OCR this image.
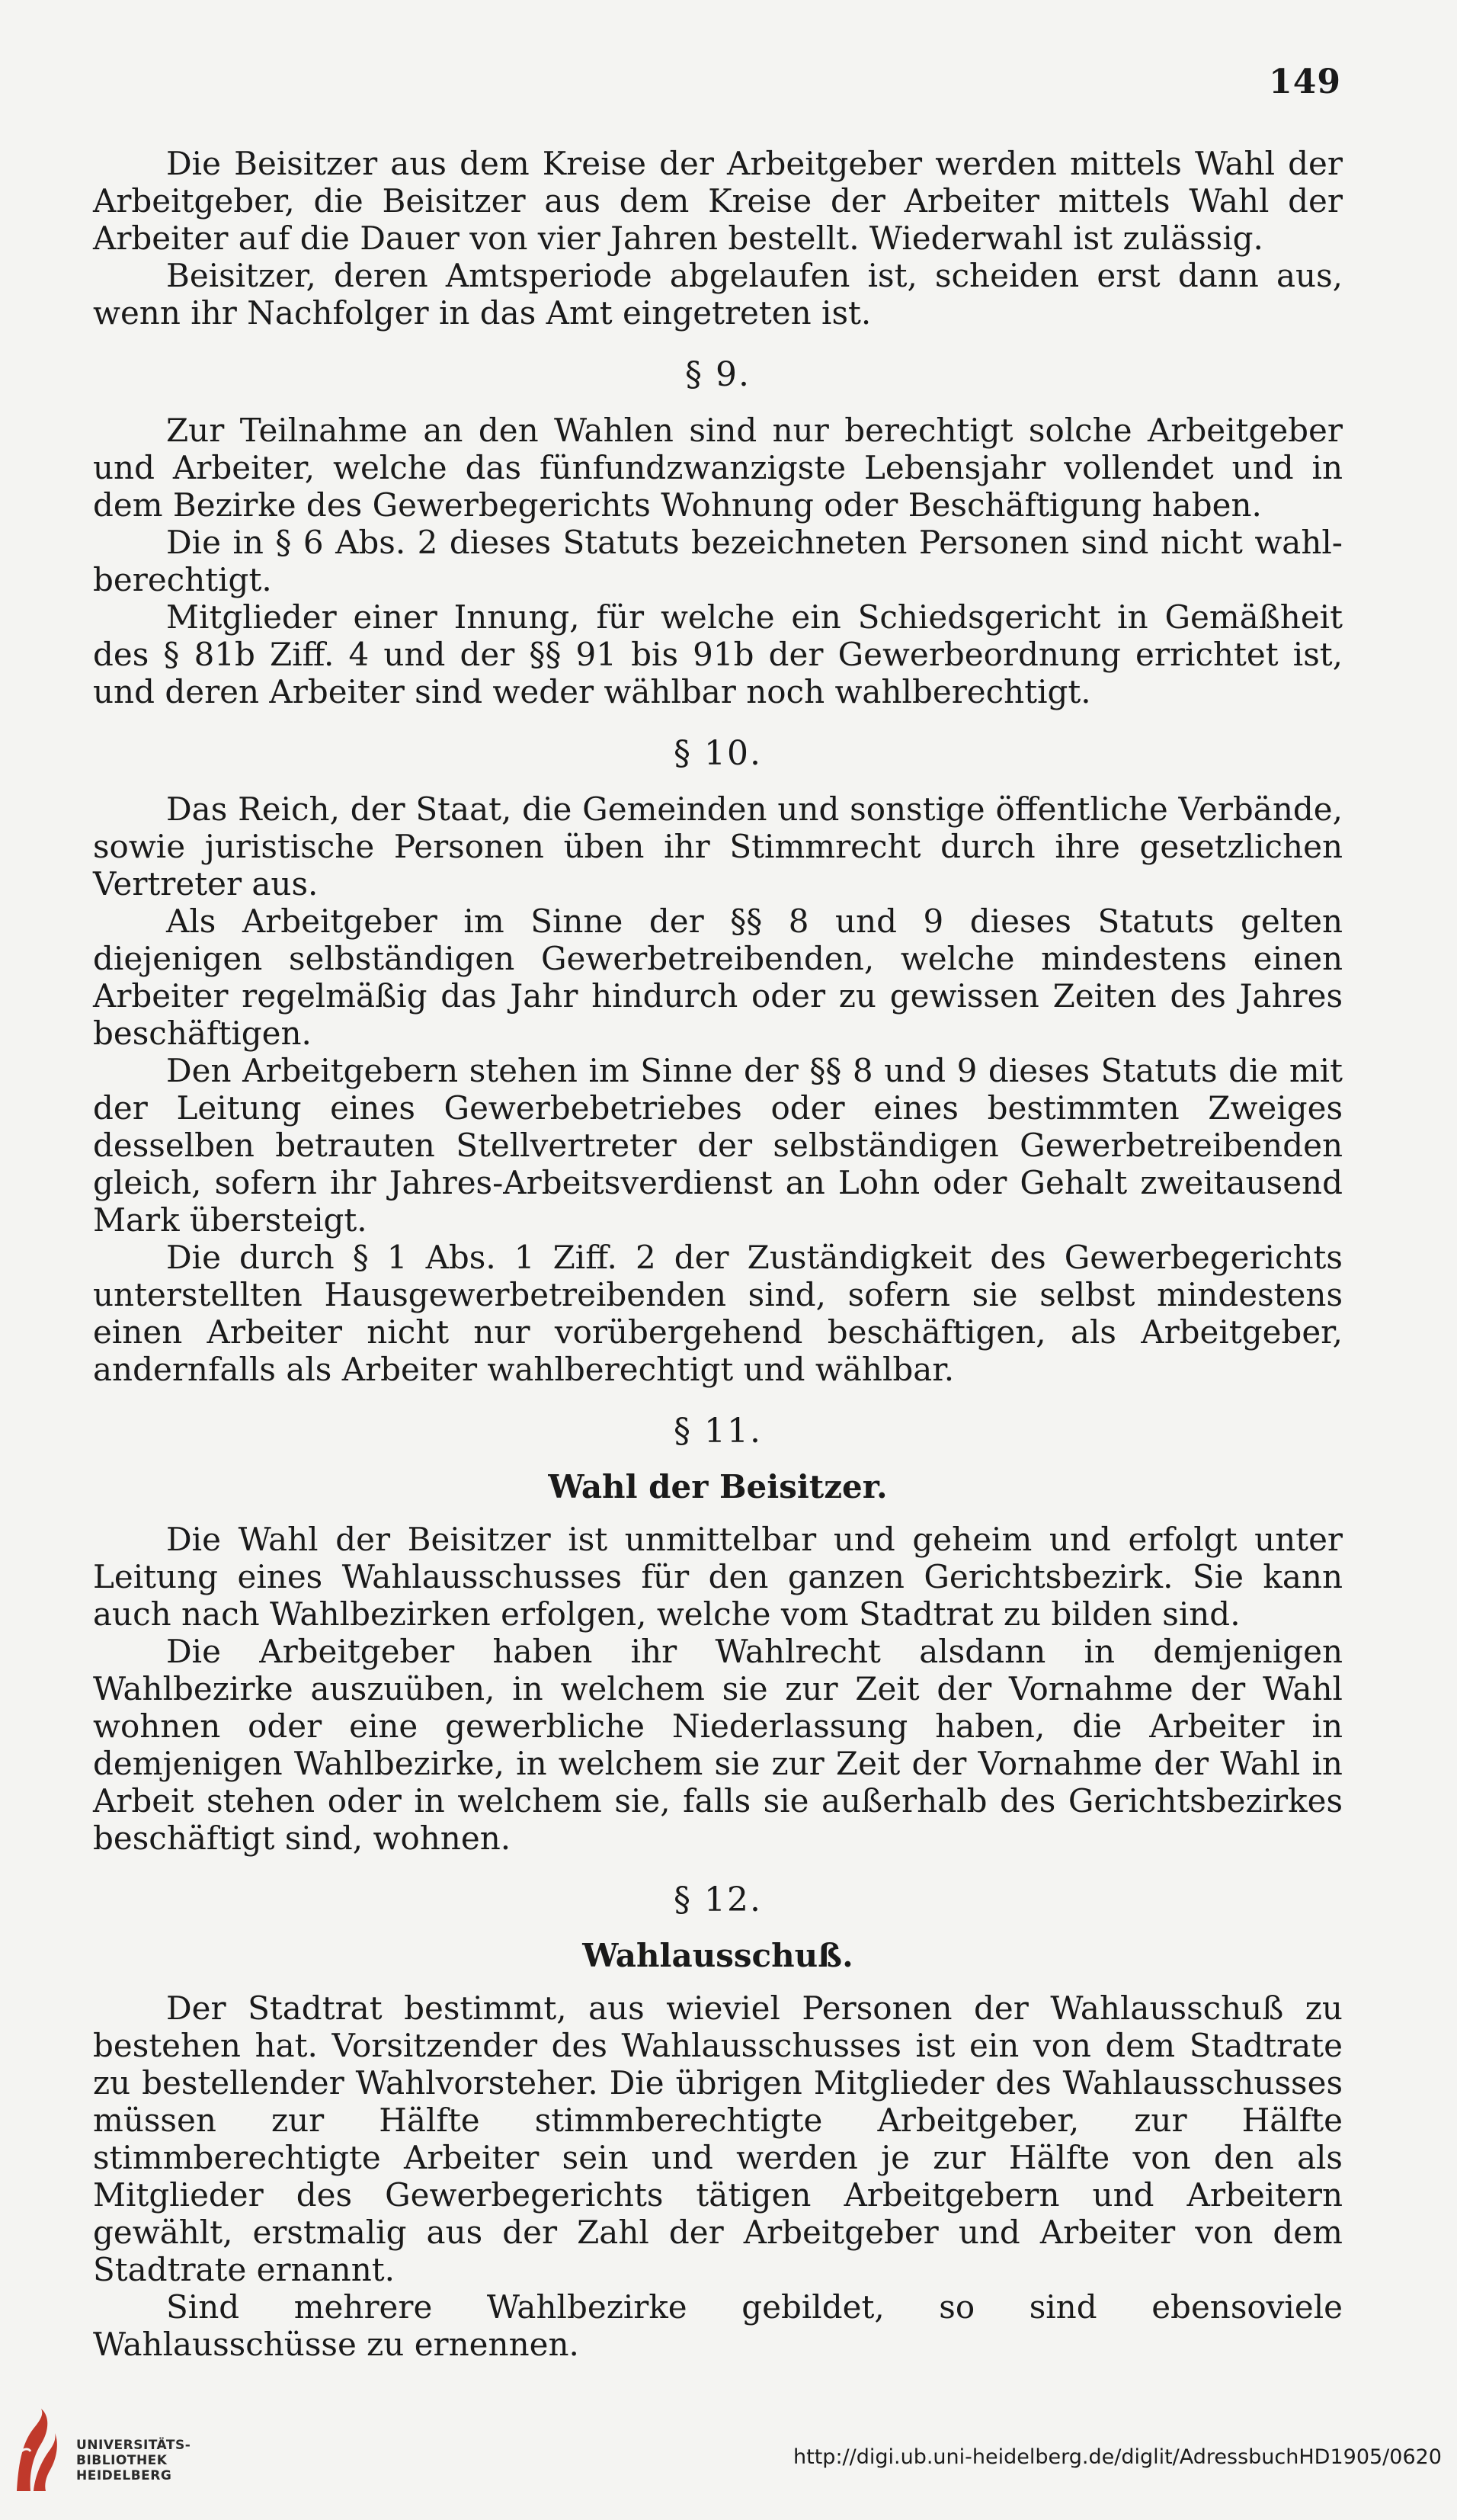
149

Die Beisitzer aus dem Kreise der Arbeitgeber werden mittels Wahl der Arbeitgeber, die Beisitzer aus dem Kreise der Arbeiter mittels Wahl der Arbeiter auf die Dauer von vier Jahren bestellt. Wiederwahl ist zulässig.

Beisitzer, deren Amtsperiode abgelaufen ist, scheiden erst dann aus, wenn ihr Nachfolger in das Amt eingetreten ist.

§ 9.

Zur Teilnahme an den Wahlen sind nur berechtigt solche Arbeitgeber und Arbeiter, welche das fünfundzwanzigste Lebensjahr vollendet und in dem Bezirke des Gewerbegerichts Wohnung oder Beschäftigung haben.

Die in § 6 Abs. 2 dieses Statuts bezeichneten Personen sind nicht wahl- berechtigt.

Mitglieder einer Innung, für welche ein Schiedsgericht in Gemäßheit des § 81b Ziff. 4 und der §§ 91 bis 91b der Gewerbeordnung errichtet ist, und deren Arbeiter sind weder wählbar noch wahlberechtigt.

§ 10.

Das Reich, der Staat, die Gemeinden und sonstige öffentliche Verbände, sowie juristische Personen üben ihr Stimmrecht durch ihre gesetzlichen Vertreter aus.

Als Arbeitgeber im Sinne der §§ 8 und 9 dieses Statuts gelten diejenigen selbständigen Gewerbetreibenden, welche mindestens einen Arbeiter regelmäßig das Jahr hindurch oder zu gewissen Zeiten des Jahres beschäftigen.

Den Arbeitgebern stehen im Sinne der §§ 8 und 9 dieses Statuts die mit der Leitung eines Gewerbebetriebes oder eines bestimmten Zweiges desselben betrauten Stellvertreter der selbständigen Gewerbetreibenden gleich, sofern ihr Jahres-Arbeitsverdienst an Lohn oder Gehalt zweitausend Mark übersteigt.

Die durch § 1 Abs. 1 Ziff. 2 der Zuständigkeit des Gewerbegerichts unterstellten Hausgewerbetreibenden sind, sofern sie selbst mindestens einen Arbeiter nicht nur vorübergehend beschäftigen, als Arbeitgeber, andernfalls als Arbeiter wahlberechtigt und wählbar.

§ 11.
Wahl der Beisitzer.

Die Wahl der Beisitzer ist unmittelbar und geheim und erfolgt unter Leitung eines Wahlausschusses für den ganzen Gerichtsbezirk. Sie kann auch nach Wahlbezirken erfolgen, welche vom Stadtrat zu bilden sind.

Die Arbeitgeber haben ihr Wahlrecht alsdann in demjenigen Wahlbezirke auszuüben, in welchem sie zur Zeit der Vornahme der Wahl wohnen oder eine gewerbliche Niederlassung haben, die Arbeiter in demjenigen Wahlbezirke, in welchem sie zur Zeit der Vornahme der Wahl in Arbeit stehen oder in welchem sie, falls sie außerhalb des Gerichtsbezirkes beschäftigt sind, wohnen.

§ 12.
Wahlausschuß.

Der Stadtrat bestimmt, aus wieviel Personen der Wahlausschuß zu bestehen hat. Vorsitzender des Wahlausschusses ist ein von dem Stadtrate zu bestellender Wahlvorsteher. Die übrigen Mitglieder des Wahlausschusses müssen zur Hälfte stimmberechtigte Arbeitgeber, zur Hälfte stimmberechtigte Arbeiter sein und werden je zur Hälfte von den als Mitglieder des Gewerbegerichts tätigen Arbeitgebern und Arbeitern gewählt, erstmalig aus der Zahl der Arbeitgeber und Arbeiter von dem Stadtrate ernannt.

Sind mehrere Wahlbezirke gebildet, so sind ebensoviele Wahlausschüsse zu ernennen.

UNIVERSITÄTS-
BIBLIOTHEK
HEIDELBERG
http://digi.ub.uni-heidelberg.de/diglit/AdressbuchHD1905/0620
